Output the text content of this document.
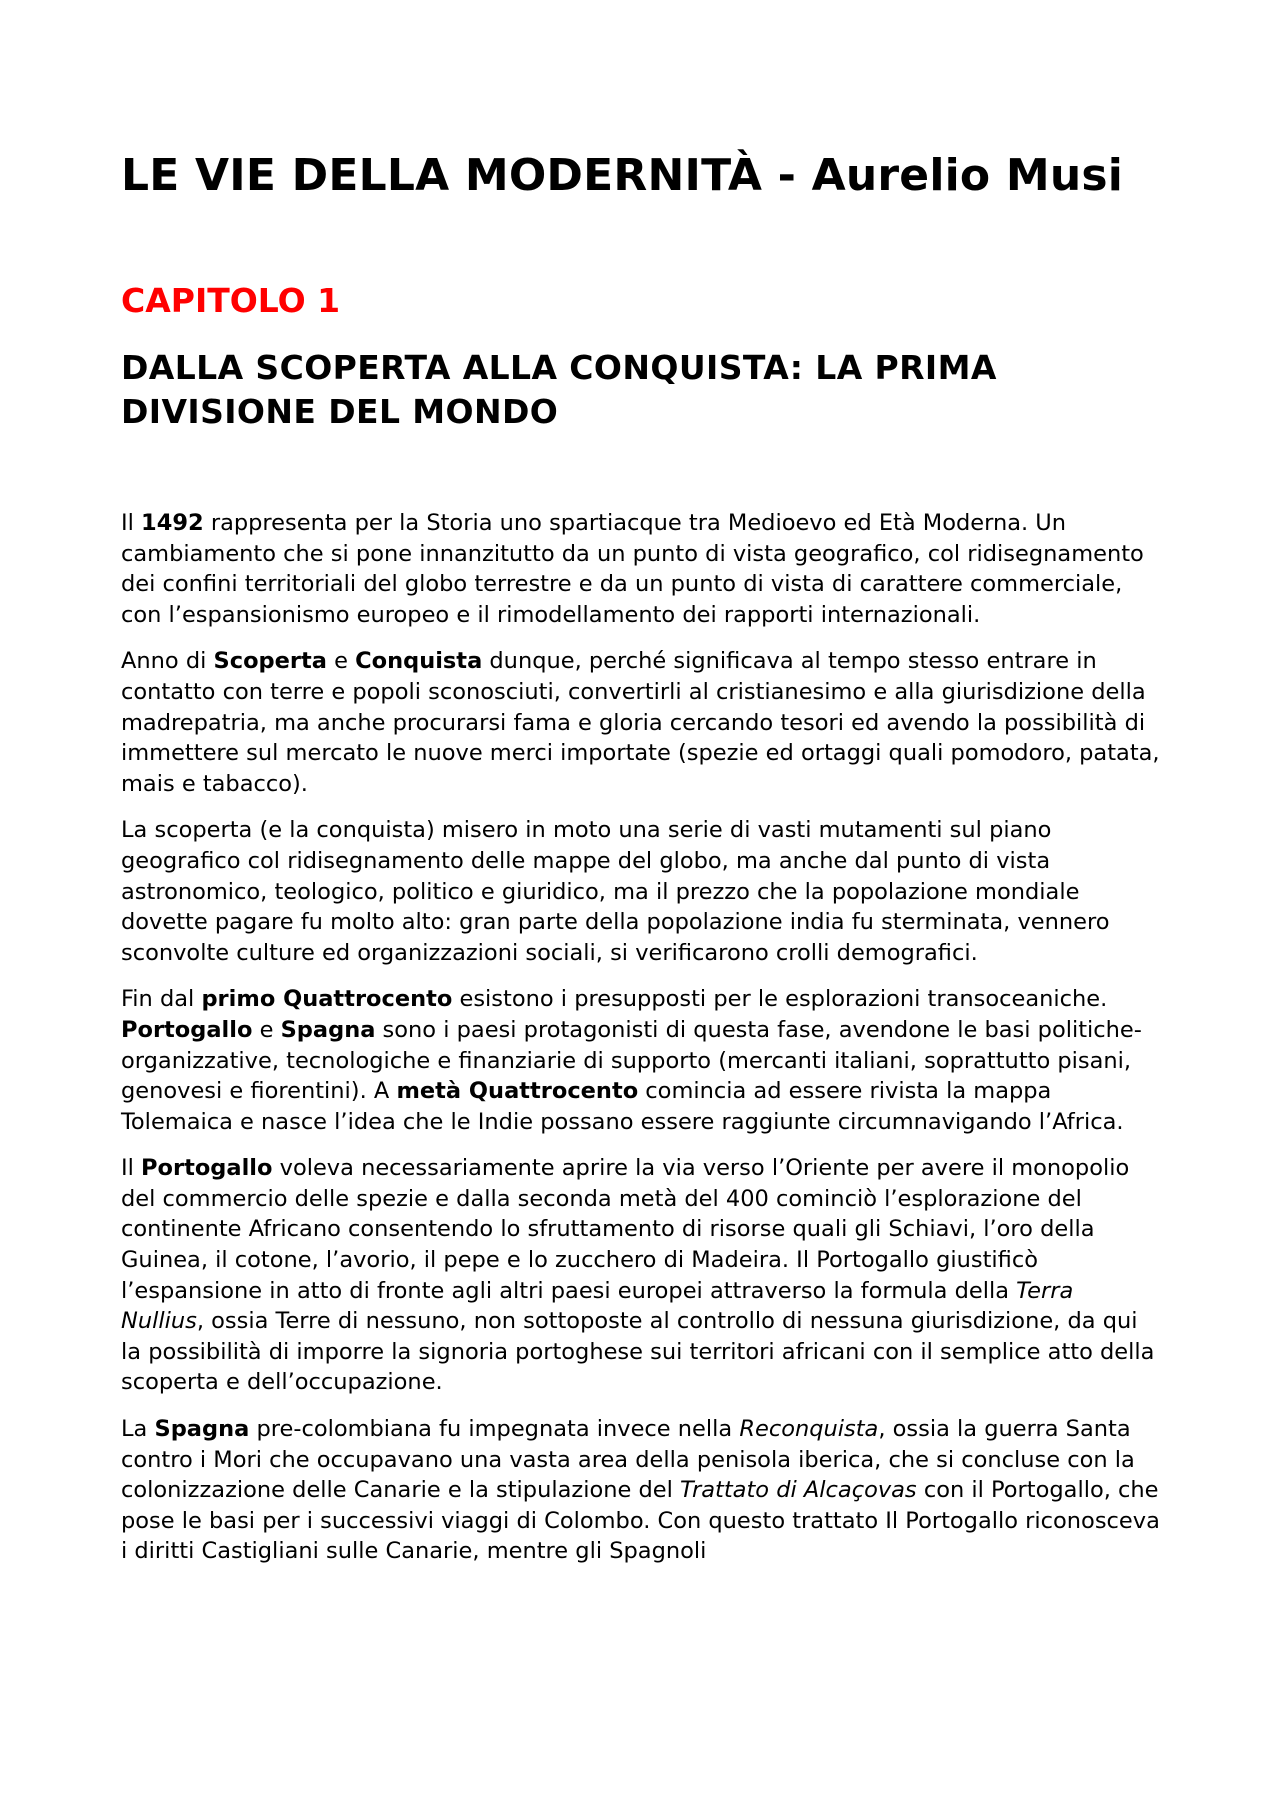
LE VIE DELLA MODERNITÀ - Aurelio Musi
CAPITOLO 1
DALLA SCOPERTA ALLA CONQUISTA: LA PRIMA DIVISIONE DEL MONDO

Il 1492 rappresenta per la Storia uno spartiacque tra Medioevo ed Età Moderna. Un cambiamento che si pone innanzitutto da un punto di vista geografico, col ridisegnamento dei confini territoriali del globo terrestre e da un punto di vista di carattere commerciale, con l’espansionismo europeo e il rimodellamento dei rapporti internazionali.

Anno di Scoperta e Conquista dunque, perché significava al tempo stesso entrare in contatto con terre e popoli sconosciuti, convertirli al cristianesimo e alla giurisdizione della madrepatria, ma anche procurarsi fama e gloria cercando tesori ed avendo la possibilità di immettere sul mercato le nuove merci importate (spezie ed ortaggi quali pomodoro, patata, mais e tabacco).

La scoperta (e la conquista) misero in moto una serie di vasti mutamenti sul piano geografico col ridisegnamento delle mappe del globo, ma anche dal punto di vista astronomico, teologico, politico e giuridico, ma il prezzo che la popolazione mondiale dovette pagare fu molto alto: gran parte della popolazione india fu sterminata, vennero sconvolte culture ed organizzazioni sociali, si verificarono crolli demografici.

Fin dal primo Quattrocento esistono i presupposti per le esplorazioni transoceaniche. Portogallo e Spagna sono i paesi protagonisti di questa fase, avendone le basi politiche-organizzative, tecnologiche e finanziarie di supporto (mercanti italiani, soprattutto pisani, genovesi e fiorentini). A metà Quattrocento comincia ad essere rivista la mappa Tolemaica e nasce l’idea che le Indie possano essere raggiunte circumnavigando l’Africa.

Il Portogallo voleva necessariamente aprire la via verso l’Oriente per avere il monopolio del commercio delle spezie e dalla seconda metà del 400 cominciò l’esplorazione del continente Africano consentendo lo sfruttamento di risorse quali gli Schiavi, l’oro della Guinea, il cotone, l’avorio, il pepe e lo zucchero di Madeira. Il Portogallo giustificò l’espansione in atto di fronte agli altri paesi europei attraverso la formula della Terra Nullius, ossia Terre di nessuno, non sottoposte al controllo di nessuna giurisdizione, da qui la possibilità di imporre la signoria portoghese sui territori africani con il semplice atto della scoperta e dell’occupazione.

La Spagna pre-colombiana fu impegnata invece nella Reconquista, ossia la guerra Santa contro i Mori che occupavano una vasta area della penisola iberica, che si concluse con la colonizzazione delle Canarie e la stipulazione del Trattato di Alcaçovas con il Portogallo, che pose le basi per i successivi viaggi di Colombo. Con questo trattato Il Portogallo riconosceva i diritti Castigliani sulle Canarie, mentre gli Spagnoli
